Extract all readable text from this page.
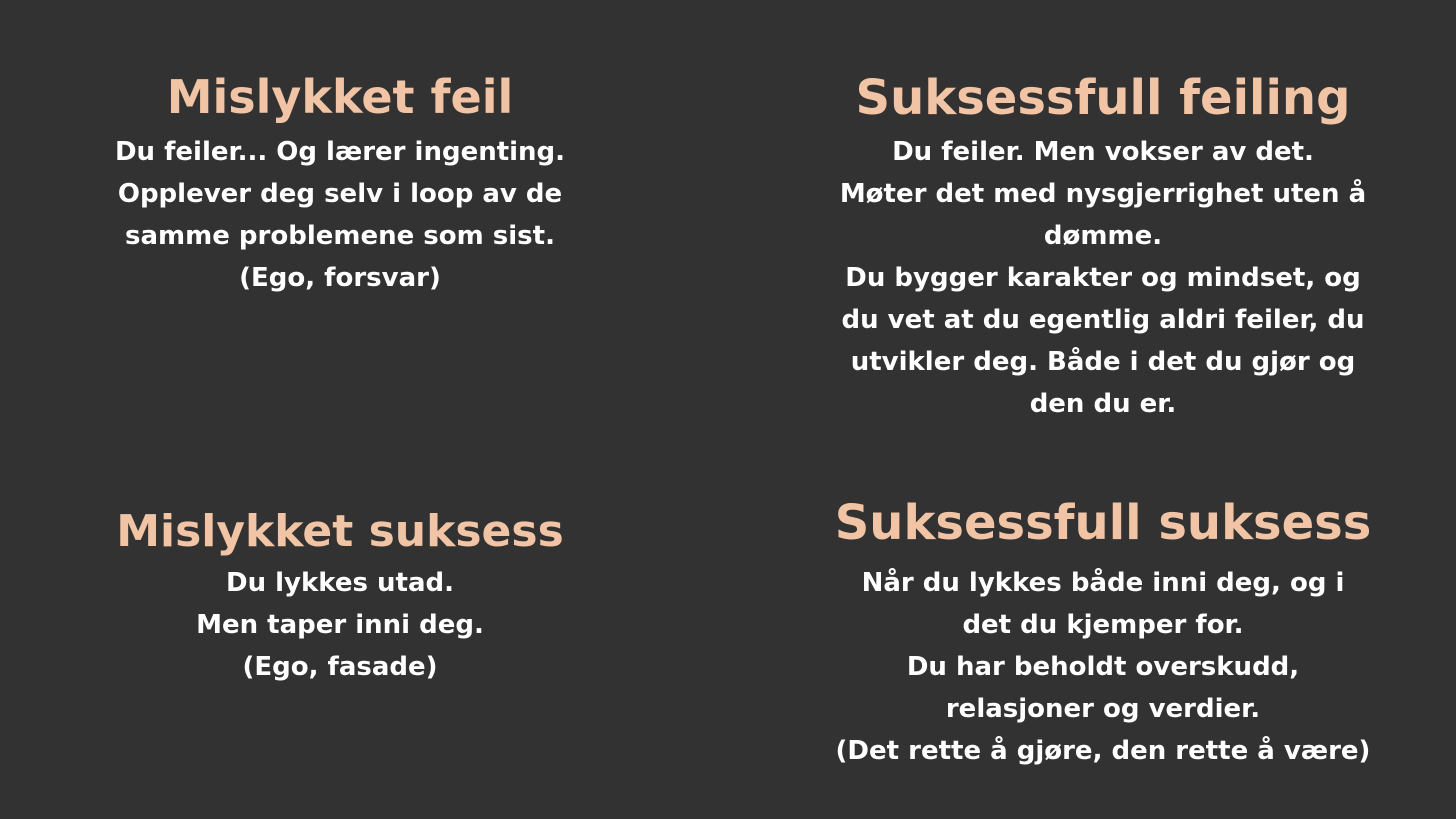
Mislykket feil
Du feiler... Og lærer ingenting.
Opplever deg selv i loop av de
samme problemene som sist.
(Ego, forsvar)
Suksessfull feiling
Du feiler. Men vokser av det.
Møter det med nysgjerrighet uten å
dømme.
Du bygger karakter og mindset, og
du vet at du egentlig aldri feiler, du
utvikler deg. Både i det du gjør og
den du er.
Mislykket suksess
Du lykkes utad.
Men taper inni deg.
(Ego, fasade)
Suksessfull suksess
Når du lykkes både inni deg, og i
det du kjemper for.
Du har beholdt overskudd,
relasjoner og verdier.
(Det rette å gjøre, den rette å være)
